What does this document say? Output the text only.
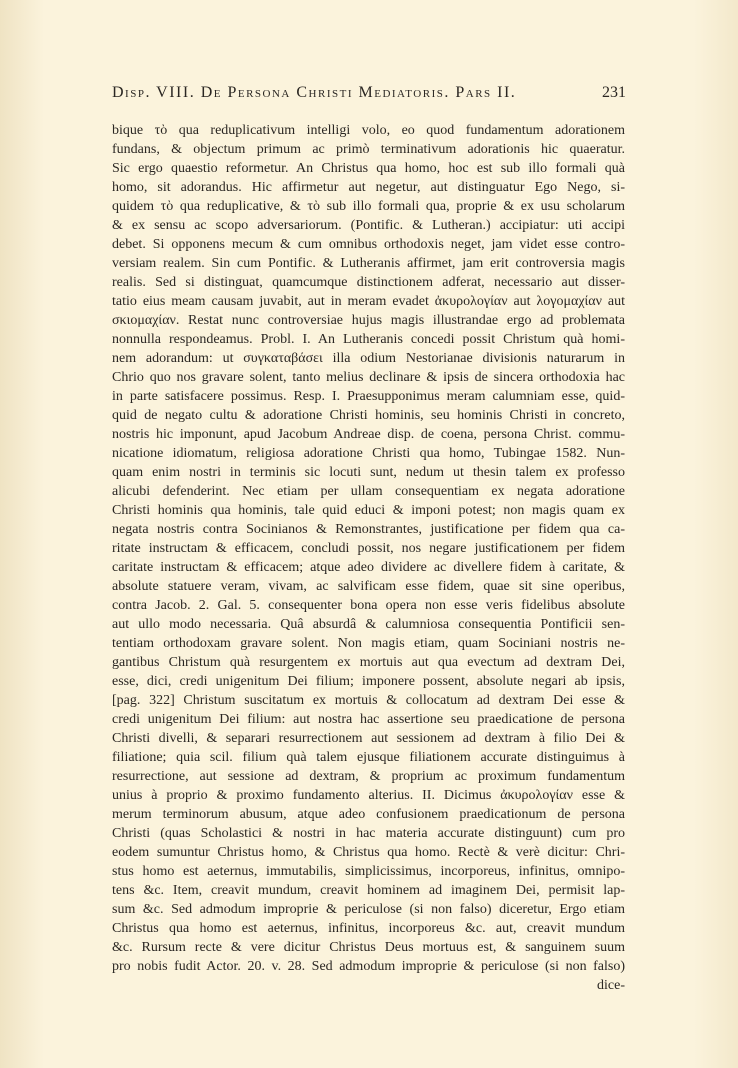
Disp. VIII. De Persona Christi Mediatoris. Pars II.	231
bique τὸ qua reduplicativum intelligi volo, eo quod fundamentum adorationem
fundans, & objectum primum ac primò terminativum adorationis hic quaeratur.
Sic ergo quaestio reformetur. An Christus qua homo, hoc est sub illo formali quà
homo, sit adorandus. Hic affirmetur aut negetur, aut distinguatur Ego Nego, si-
quidem τὸ qua reduplicative, & τὸ sub illo formali qua, proprie & ex usu scholarum
& ex sensu ac scopo adversariorum. (Pontific. & Lutheran.) accipiatur: uti accipi
debet. Si opponens mecum & cum omnibus orthodoxis neget, jam videt esse contro-
versiam realem. Sin cum Pontific. & Lutheranis affirmet, jam erit controversia magis
realis. Sed si distinguat, quamcumque distinctionem adferat, necessario aut disser-
tatio eius meam causam juvabit, aut in meram evadet ἀκυρολογίαν aut λογομαχίαν aut
σκιομαχίαν. Restat nunc controversiae hujus magis illustrandae ergo ad problemata
nonnulla respondeamus. Probl. I. An Lutheranis concedi possit Christum quà homi-
nem adorandum: ut συγκαταβάσει illa odium Nestorianae divisionis naturarum in
Chrio quo nos gravare solent, tanto melius declinare & ipsis de sincera orthodoxia hac
in parte satisfacere possimus. Resp. I. Praesupponimus meram calumniam esse, quid-
quid de negato cultu & adoratione Christi hominis, seu hominis Christi in concreto,
nostris hic imponunt, apud Jacobum Andreae disp. de coena, persona Christ. commu-
nicatione idiomatum, religiosa adoratione Christi qua homo, Tubingae 1582. Nun-
quam enim nostri in terminis sic locuti sunt, nedum ut thesin talem ex professo
alicubi defenderint. Nec etiam per ullam consequentiam ex negata adoratione
Christi hominis qua hominis, tale quid educi & imponi potest; non magis quam ex
negata nostris contra Socinianos & Remonstrantes, justificatione per fidem qua ca-
ritate instructam & efficacem, concludi possit, nos negare justificationem per fidem
caritate instructam & efficacem; atque adeo dividere ac divellere fidem à caritate, &
absolute statuere veram, vivam, ac salvificam esse fidem, quae sit sine operibus,
contra Jacob. 2. Gal. 5. consequenter bona opera non esse veris fidelibus absolute
aut ullo modo necessaria. Quâ absurdâ & calumniosa consequentia Pontificii sen-
tentiam orthodoxam gravare solent. Non magis etiam, quam Sociniani nostris ne-
gantibus Christum quà resurgentem ex mortuis aut qua evectum ad dextram Dei,
esse, dici, credi unigenitum Dei filium; imponere possent, absolute negari ab ipsis,
[pag. 322] Christum suscitatum ex mortuis & collocatum ad dextram Dei esse &
credi unigenitum Dei filium: aut nostra hac assertione seu praedicatione de persona
Christi divelli, & separari resurrectionem aut sessionem ad dextram à filio Dei &
filiatione; quia scil. filium quà talem ejusque filiationem accurate distinguimus à
resurrectione, aut sessione ad dextram, & proprium ac proximum fundamentum
unius à proprio & proximo fundamento alterius. II. Dicimus ἀκυρολογίαν esse &
merum terminorum abusum, atque adeo confusionem praedicationum de persona
Christi (quas Scholastici & nostri in hac materia accurate distinguunt) cum pro
eodem sumuntur Christus homo, & Christus qua homo. Rectè & verè dicitur: Chri-
stus homo est aeternus, immutabilis, simplicissimus, incorporeus, infinitus, omnipo-
tens &c. Item, creavit mundum, creavit hominem ad imaginem Dei, permisit lap-
sum &c. Sed admodum improprie & periculose (si non falso) diceretur, Ergo etiam
Christus qua homo est aeternus, infinitus, incorporeus &c. aut, creavit mundum
&c. Rursum recte & vere dicitur Christus Deus mortuus est, & sanguinem suum
pro nobis fudit Actor. 20. v. 28. Sed admodum improprie & periculose (si non falso)
dice-
